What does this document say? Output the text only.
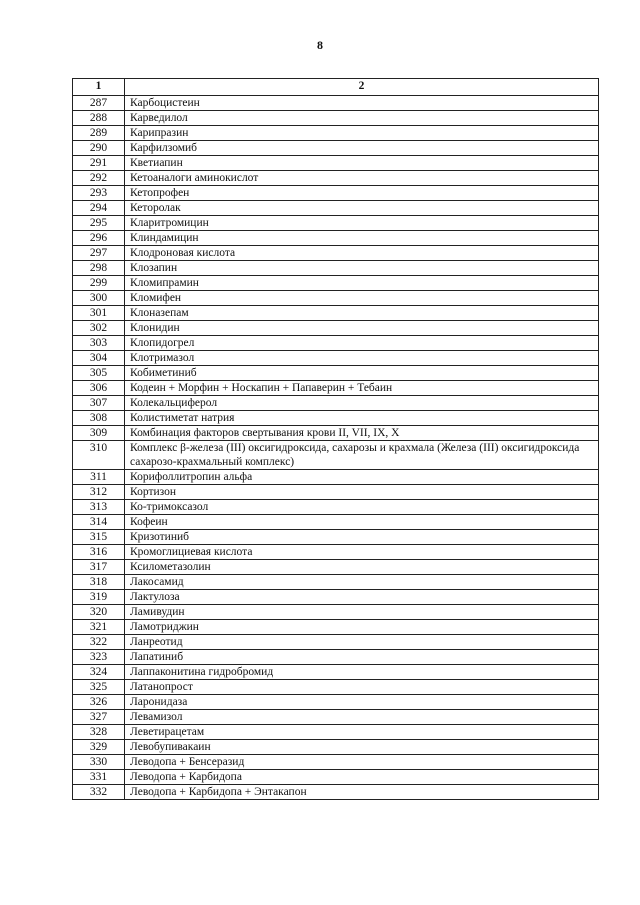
8
1	2
287	Карбоцистеин
288	Карведилол
289	Карипразин
290	Карфилзомиб
291	Кветиапин
292	Кетоаналоги аминокислот
293	Кетопрофен
294	Кеторолак
295	Кларитромицин
296	Клиндамицин
297	Клодроновая кислота
298	Клозапин
299	Кломипрамин
300	Кломифен
301	Клоназепам
302	Клонидин
303	Клопидогрел
304	Клотримазол
305	Кобиметиниб
306	Кодеин + Морфин + Носкапин + Папаверин + Тебаин
307	Колекальциферол
308	Колистиметат натрия
309	Комбинация факторов свертывания крови II, VII, IX, X
310	Комплекс β-железа (III) оксигидроксида, сахарозы и крахмала (Железа (III) оксигидроксида сахарозо-крахмальный комплекс)
311	Корифоллитропин альфа
312	Кортизон
313	Ко-тримоксазол
314	Кофеин
315	Кризотиниб
316	Кромоглициевая кислота
317	Ксилометазолин
318	Лакосамид
319	Лактулоза
320	Ламивудин
321	Ламотриджин
322	Ланреотид
323	Лапатиниб
324	Лаппаконитина гидробромид
325	Латанопрост
326	Ларонидаза
327	Левамизол
328	Леветирацетам
329	Левобупивакаин
330	Леводопа + Бенсеразид
331	Леводопа + Карбидопа
332	Леводопа + Карбидопа + Энтакапон
